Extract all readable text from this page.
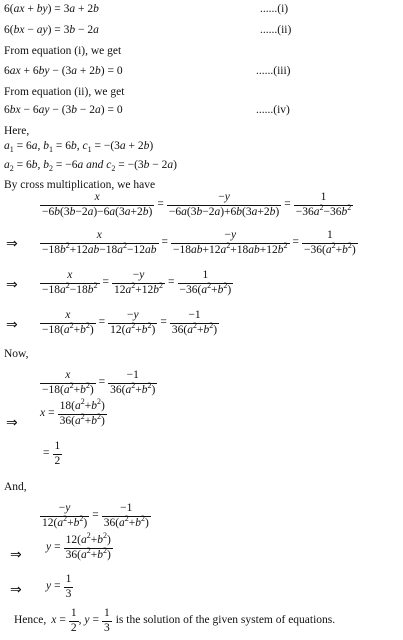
6(ax + by) = 3a + 2b	......(i)
6(bx − ay) = 3b − 2a	......(ii)
From equation (i), we get
6ax + 6by − (3a + 2b) = 0	......(iii)
From equation (ii), we get
6bx − 6ay − (3b − 2a) = 0	......(iv)
Here,
$a_1 = 6a$, $b_1 = 6b$, $c_1 = -(3a + 2b)$
$a_2 = 6b$, $b_2 = -6a$ and $c_2 = -(3b - 2a)$
By cross multiplication, we have
$\frac{x}{-6b(3b-2a)-6a(3a+2b)} = \frac{-y}{-6a(3b-2a)+6b(3a+2b)} = \frac{1}{-36a^2-36b^2}$
⇒ $\frac{x}{-18b^2+12ab-18a^2-12ab} = \frac{-y}{-18ab+12a^2+18ab+12b^2} = \frac{1}{-36(a^2+b^2)}$
⇒ $\frac{x}{-18a^2-18b^2} = \frac{-y}{12a^2+12b^2} = \frac{1}{-36(a^2+b^2)}$
⇒ $\frac{x}{-18(a^2+b^2)} = \frac{-y}{12(a^2+b^2)} = \frac{-1}{36(a^2+b^2)}$
Now,
$\frac{x}{-18(a^2+b^2)} = \frac{-1}{36(a^2+b^2)}$
⇒
$x = \frac{18(a^2+b^2)}{36(a^2+b^2)}$
= $\frac{1}{2}$
And,
$\frac{-y}{12(a^2+b^2)} = \frac{-1}{36(a^2+b^2)}$
⇒ $y = \frac{12(a^2+b^2)}{36(a^2+b^2)}$
⇒ $y = \frac{1}{3}$
Hence, $x = \frac{1}{2}$ , $y = \frac{1}{3}$ is the solution of the given system of equations.
